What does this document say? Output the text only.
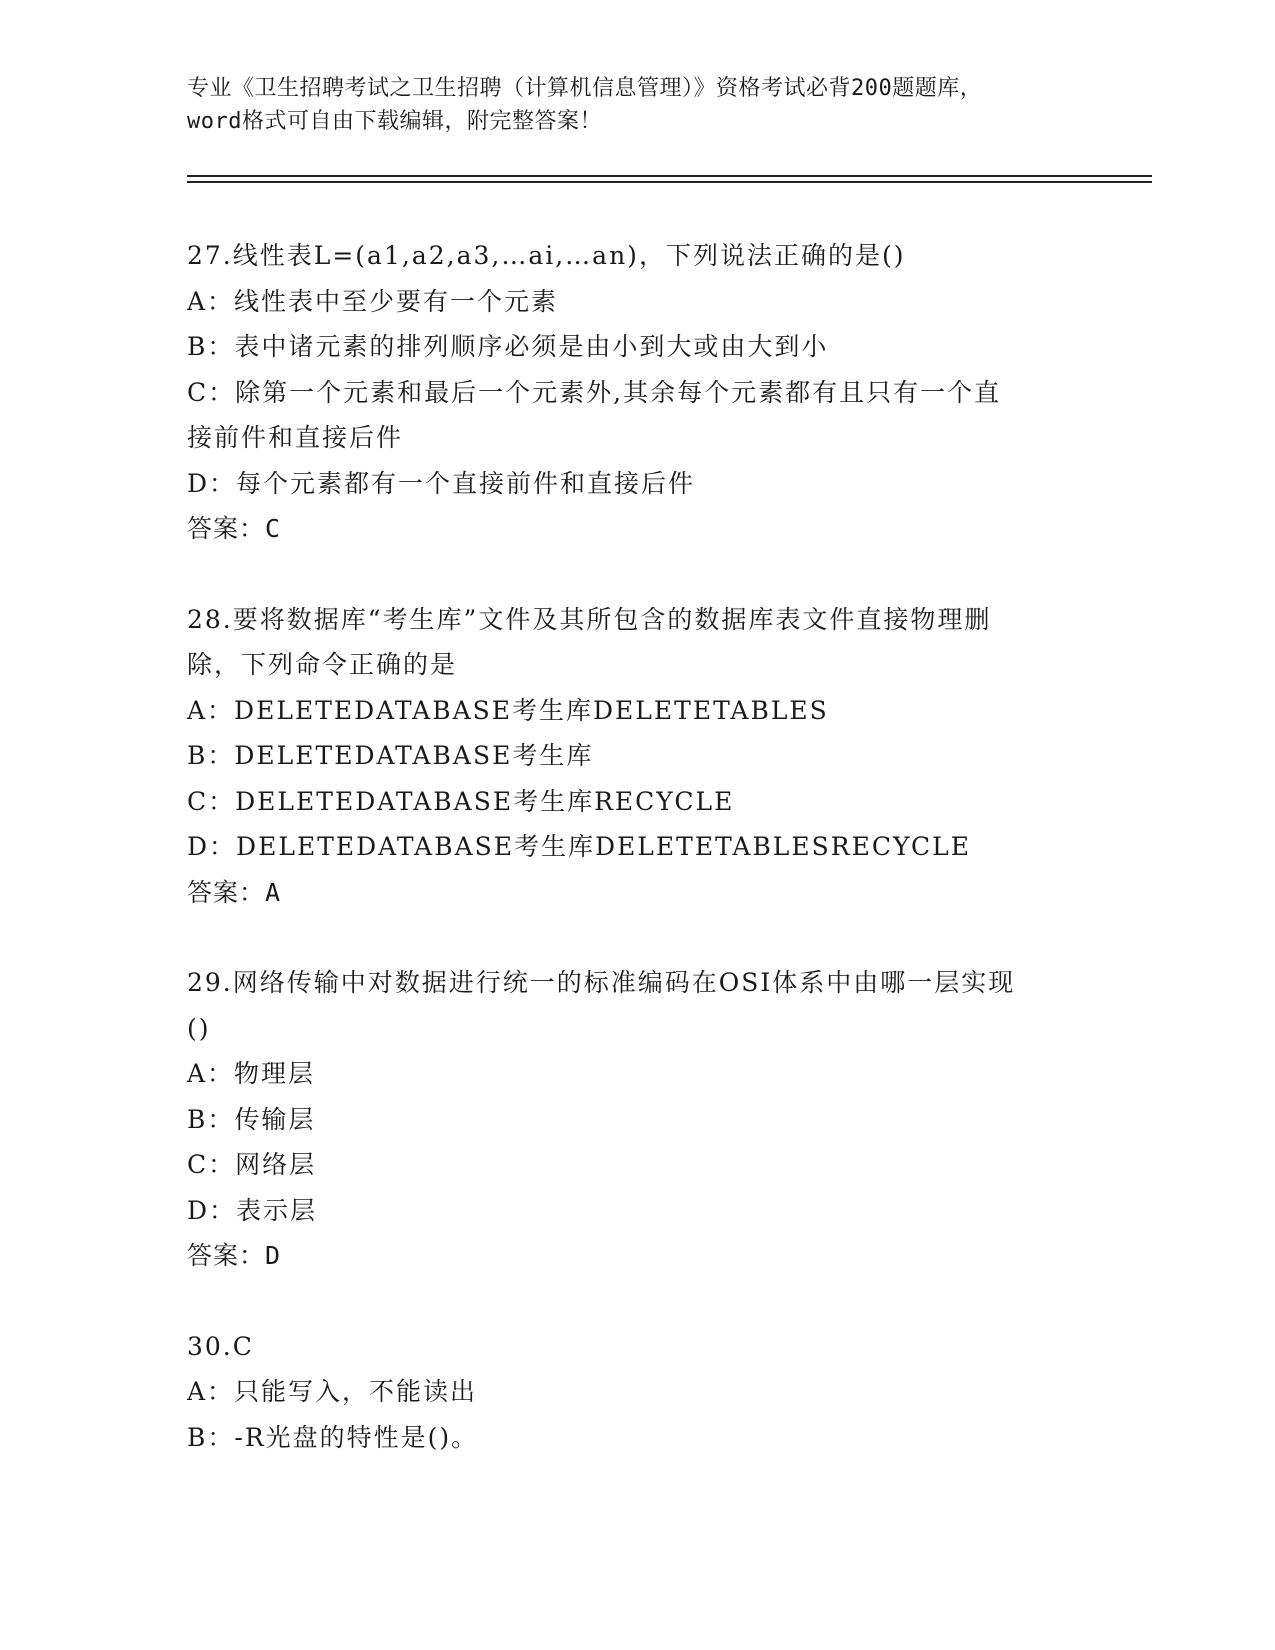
专业《卫生招聘考试之卫生招聘（计算机信息管理）》资格考试必背200题题库，
word格式可自由下载编辑，附完整答案！
27.线性表L=(a1,a2,a3,…ai,…an)，下列说法正确的是()
A：线性表中至少要有一个元素
B：表中诸元素的排列顺序必须是由小到大或由大到小
C：除第一个元素和最后一个元素外,其余每个元素都有且只有一个直
接前件和直接后件
D：每个元素都有一个直接前件和直接后件
答案：C
28.要将数据库“考生库”文件及其所包含的数据库表文件直接物理删
除，下列命令正确的是
A：DELETEDATABASE考生库DELETETABLES
B：DELETEDATABASE考生库
C：DELETEDATABASE考生库RECYCLE
D：DELETEDATABASE考生库DELETETABLESRECYCLE
答案：A
29.网络传输中对数据进行统一的标准编码在OSI体系中由哪一层实现
()
A：物理层
B：传输层
C：网络层
D：表示层
答案：D
30.C
A：只能写入，不能读出
B：-R光盘的特性是()。
